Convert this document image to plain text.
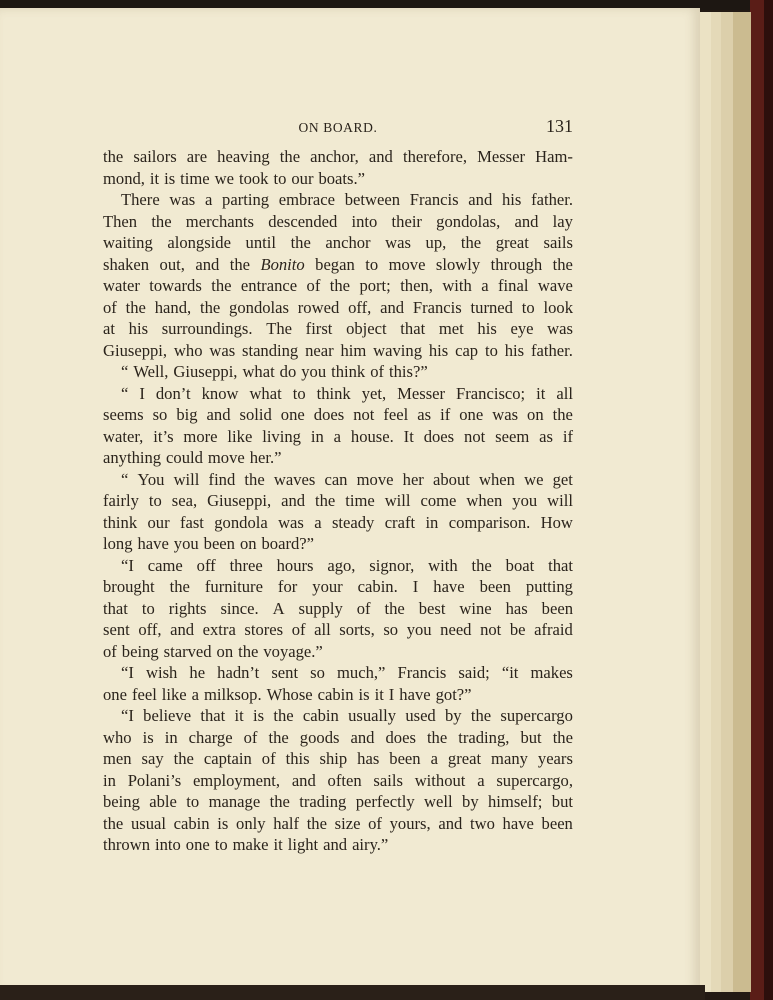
ON BOARD.	131
the sailors are heaving the anchor, and therefore, Messer Ham-
mond, it is time we took to our boats.”
There was a parting embrace between Francis and his father.
Then the merchants descended into their gondolas, and lay
waiting alongside until the anchor was up, the great sails
shaken out, and the Bonito began to move slowly through the
water towards the entrance of the port; then, with a final wave
of the hand, the gondolas rowed off, and Francis turned to look
at his surroundings. The first object that met his eye was
Giuseppi, who was standing near him waving his cap to his father.
“ Well, Giuseppi, what do you think of this?”
“ I don’t know what to think yet, Messer Francisco; it all
seems so big and solid one does not feel as if one was on the
water, it’s more like living in a house. It does not seem as if
anything could move her.”
“ You will find the waves can move her about when we get
fairly to sea, Giuseppi, and the time will come when you will
think our fast gondola was a steady craft in comparison. How
long have you been on board?”
“I came off three hours ago, signor, with the boat that
brought the furniture for your cabin. I have been putting
that to rights since. A supply of the best wine has been
sent off, and extra stores of all sorts, so you need not be afraid
of being starved on the voyage.”
“I wish he hadn’t sent so much,” Francis said; “it makes
one feel like a milksop. Whose cabin is it I have got?”
“I believe that it is the cabin usually used by the supercargo
who is in charge of the goods and does the trading, but the
men say the captain of this ship has been a great many years
in Polani’s employment, and often sails without a supercargo,
being able to manage the trading perfectly well by himself; but
the usual cabin is only half the size of yours, and two have been
thrown into one to make it light and airy.”
